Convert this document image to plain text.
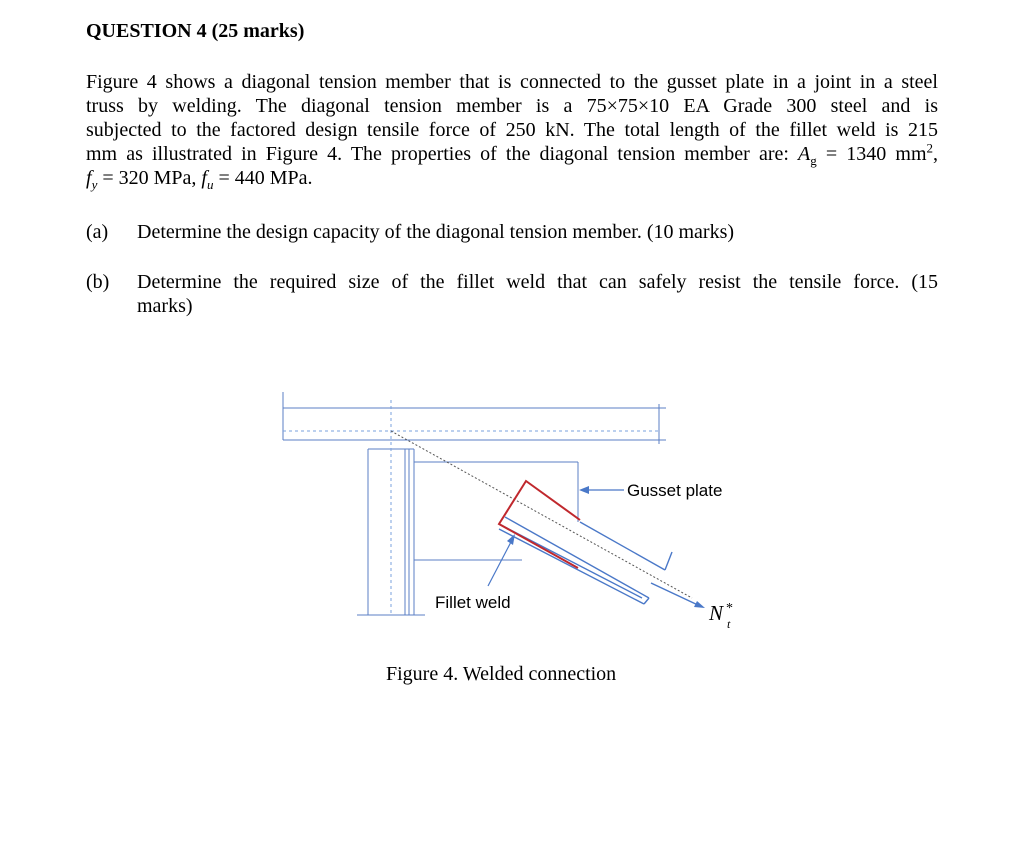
QUESTION 4 (25 marks)
Figure 4 shows a diagonal tension member that is connected to the gusset plate in a joint in a steel
truss by welding. The diagonal tension member is a 75×75×10 EA Grade 300 steel and is
subjected to the factored design tensile force of 250 kN. The total length of the fillet weld is 215
mm as illustrated in Figure 4. The properties of the diagonal tension member are: $A_g = 1340$ $mm^2$,
$f_y = 320$ MPa, $f_u = 440$ MPa.
(a)	Determine the design capacity of the diagonal tension member. (10 marks)
(b)	Determine the required size of the fillet weld that can safely resist the tensile force. (15
marks)
Gusset plate
Fillet weld	N *
t
Figure 4. Welded connection
